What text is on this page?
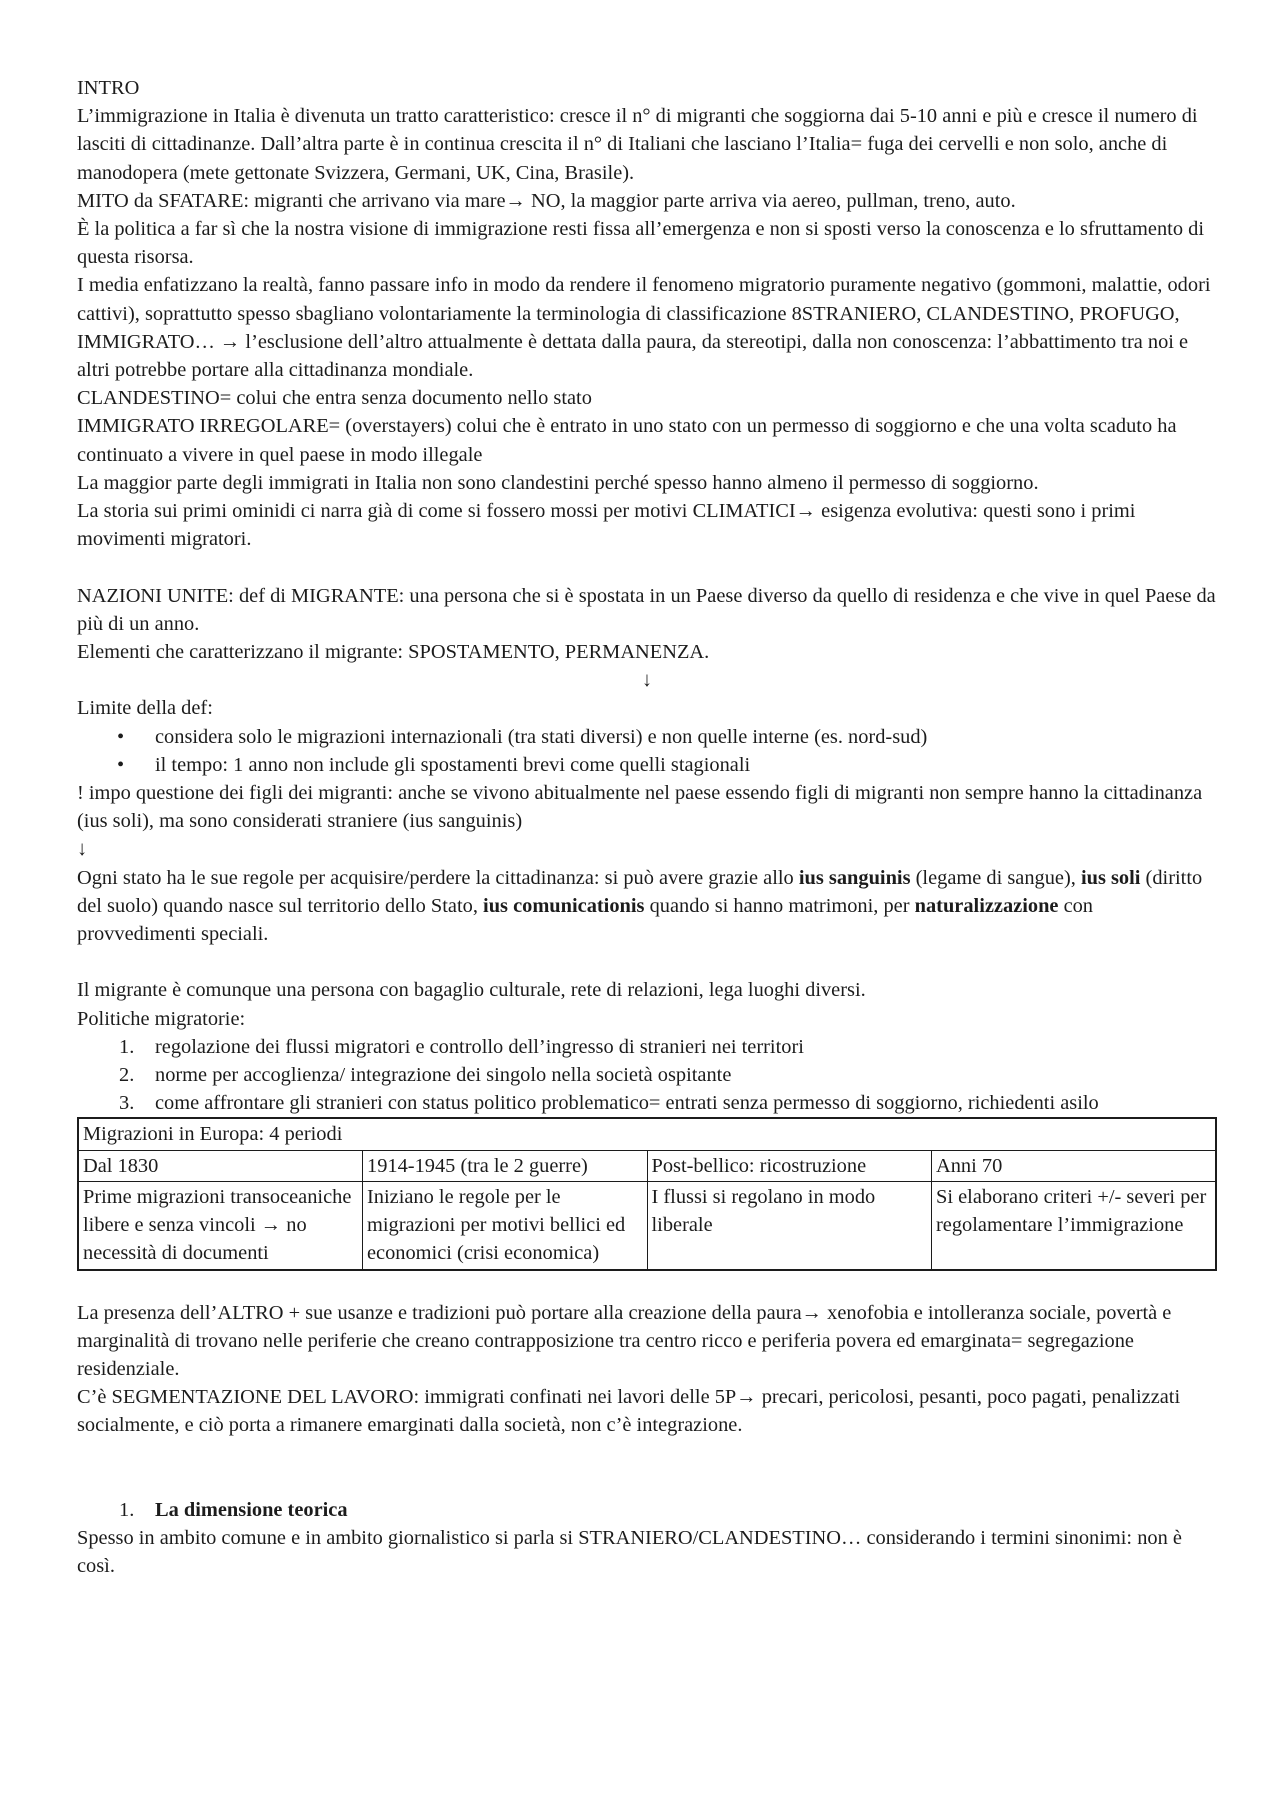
INTRO

L’immigrazione in Italia è divenuta un tratto caratteristico: cresce il n° di migranti che soggiorna dai 5-10 anni e più e cresce il numero di lasciti di cittadinanze. Dall’altra parte è in continua crescita il n° di Italiani che lasciano l’Italia= fuga dei cervelli e non solo, anche di manodopera (mete gettonate Svizzera, Germani, UK, Cina, Brasile).

MITO da SFATARE: migranti che arrivano via mare→ NO, la maggior parte arriva via aereo, pullman, treno, auto.

È la politica a far sì che la nostra visione di immigrazione resti fissa all’emergenza e non si sposti verso la conoscenza e lo sfruttamento di questa risorsa.

I media enfatizzano la realtà, fanno passare info in modo da rendere il fenomeno migratorio puramente negativo (gommoni, malattie, odori cattivi), soprattutto spesso sbagliano volontariamente la terminologia di classificazione 8STRANIERO, CLANDESTINO, PROFUGO, IMMIGRATO… → l’esclusione dell’altro attualmente è dettata dalla paura, da stereotipi, dalla non conoscenza: l’abbattimento tra noi e altri potrebbe portare alla cittadinanza mondiale.

CLANDESTINO= colui che entra senza documento nello stato

IMMIGRATO IRREGOLARE= (overstayers) colui che è entrato in uno stato con un permesso di soggiorno e che una volta scaduto ha continuato a vivere in quel paese in modo illegale

La maggior parte degli immigrati in Italia non sono clandestini perché spesso hanno almeno il permesso di soggiorno.

La storia sui primi ominidi ci narra già di come si fossero mossi per motivi CLIMATICI→ esigenza evolutiva: questi sono i primi movimenti migratori.

NAZIONI UNITE: def di MIGRANTE: una persona che si è spostata in un Paese diverso da quello di residenza e che vive in quel Paese da più di un anno.

Elementi che caratterizzano il migrante: SPOSTAMENTO, PERMANENZA.

↓

Limite della def:

• considera solo le migrazioni internazionali (tra stati diversi) e non quelle interne (es. nord-sud)
• il tempo: 1 anno non include gli spostamenti brevi come quelli stagionali

! impo questione dei figli dei migranti: anche se vivono abitualmente nel paese essendo figli di migranti non sempre hanno la cittadinanza (ius soli), ma sono considerati straniere (ius sanguinis)

↓

Ogni stato ha le sue regole per acquisire/perdere la cittadinanza: si può avere grazie allo ius sanguinis (legame di sangue), ius soli (diritto del suolo) quando nasce sul territorio dello Stato, ius comunicationis quando si hanno matrimoni, per naturalizzazione con provvedimenti speciali.

Il migrante è comunque una persona con bagaglio culturale, rete di relazioni, lega luoghi diversi.

Politiche migratorie:

1. regolazione dei flussi migratori e controllo dell’ingresso di stranieri nei territori
2. norme per accoglienza/ integrazione dei singolo nella società ospitante
3. come affrontare gli stranieri con status politico problematico= entrati senza permesso di soggiorno, richiedenti asilo
Migrazioni in Europa: 4 periodi			
Dal 1830	1914-1945 (tra le 2 guerre)	Post-bellico: ricostruzione	Anni 70
Prime migrazioni transoceaniche libere e senza vincoli → no necessità di documenti	Iniziano le regole per le migrazioni per motivi bellici ed economici (crisi economica)	I flussi si regolano in modo liberale	Si elaborano criteri +/- severi per regolamentare l’immigrazione

La presenza dell’ALTRO + sue usanze e tradizioni può portare alla creazione della paura→ xenofobia e intolleranza sociale, povertà e marginalità di trovano nelle periferie che creano contrapposizione tra centro ricco e periferia povera ed emarginata= segregazione residenziale.

C’è SEGMENTAZIONE DEL LAVORO: immigrati confinati nei lavori delle 5P→ precari, pericolosi, pesanti, poco pagati, penalizzati socialmente, e ciò porta a rimanere emarginati dalla società, non c’è integrazione.

1. La dimensione teorica

Spesso in ambito comune e in ambito giornalistico si parla si STRANIERO/CLANDESTINO… considerando i termini sinonimi: non è così.
